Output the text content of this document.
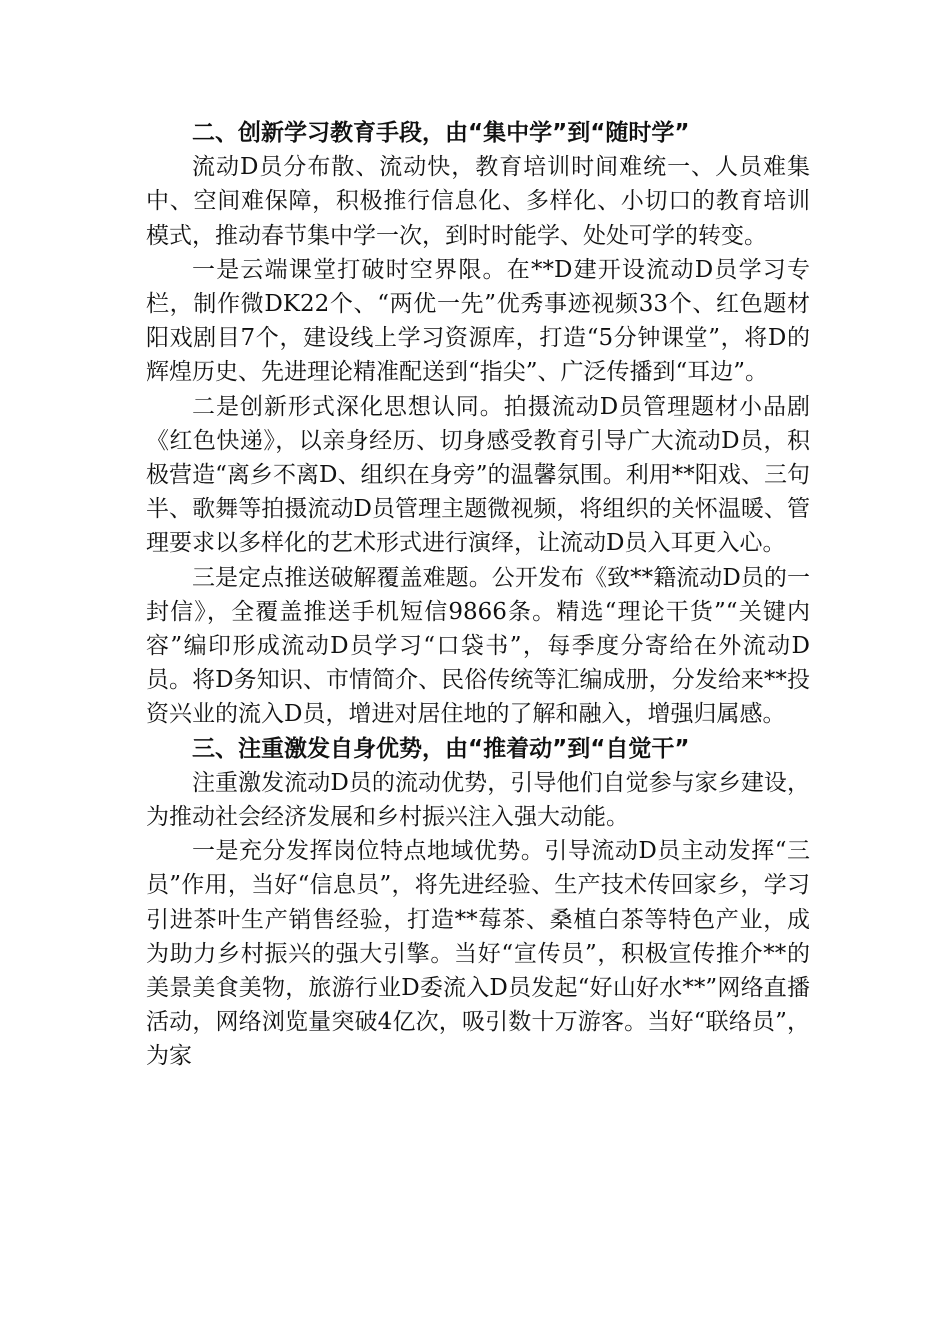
二、创新学习教育手段，由“集中学”到“随时学”

流动D员分布散、流动快，教育培训时间难统一、人员难集中、空间难保障，积极推行信息化、多样化、小切口的教育培训模式，推动春节集中学一次，到时时能学、处处可学的转变。

一是云端课堂打破时空界限。在**D建开设流动D员学习专栏，制作微DK22个、“两优一先”优秀事迹视频33个、红色题材阳戏剧目7个，建设线上学习资源库，打造“5分钟课堂”，将D的辉煌历史、先进理论精准配送到“指尖”、广泛传播到“耳边”。

二是创新形式深化思想认同。拍摄流动D员管理题材小品剧《红色快递》，以亲身经历、切身感受教育引导广大流动D员，积极营造“离乡不离D、组织在身旁”的温馨氛围。利用**阳戏、三句半、歌舞等拍摄流动D员管理主题微视频，将组织的关怀温暖、管理要求以多样化的艺术形式进行演绎，让流动D员入耳更入心。

三是定点推送破解覆盖难题。公开发布《致**籍流动D员的一封信》，全覆盖推送手机短信9866条。精选“理论干货”“关键内容”编印形成流动D员学习“口袋书”，每季度分寄给在外流动D员。将D务知识、市情简介、民俗传统等汇编成册，分发给来**投资兴业的流入D员，增进对居住地的了解和融入，增强归属感。

三、注重激发自身优势，由“推着动”到“自觉干”

注重激发流动D员的流动优势，引导他们自觉参与家乡建设，为推动社会经济发展和乡村振兴注入强大动能。

一是充分发挥岗位特点地域优势。引导流动D员主动发挥“三员”作用，当好“信息员”，将先进经验、生产技术传回家乡，学习引进茶叶生产销售经验，打造**莓茶、桑植白茶等特色产业，成为助力乡村振兴的强大引擎。当好“宣传员”，积极宣传推介**的美景美食美物，旅游行业D委流入D员发起“好山好水**”网络直播活动，网络浏览量突破4亿次，吸引数十万游客。当好“联络员”，为家
